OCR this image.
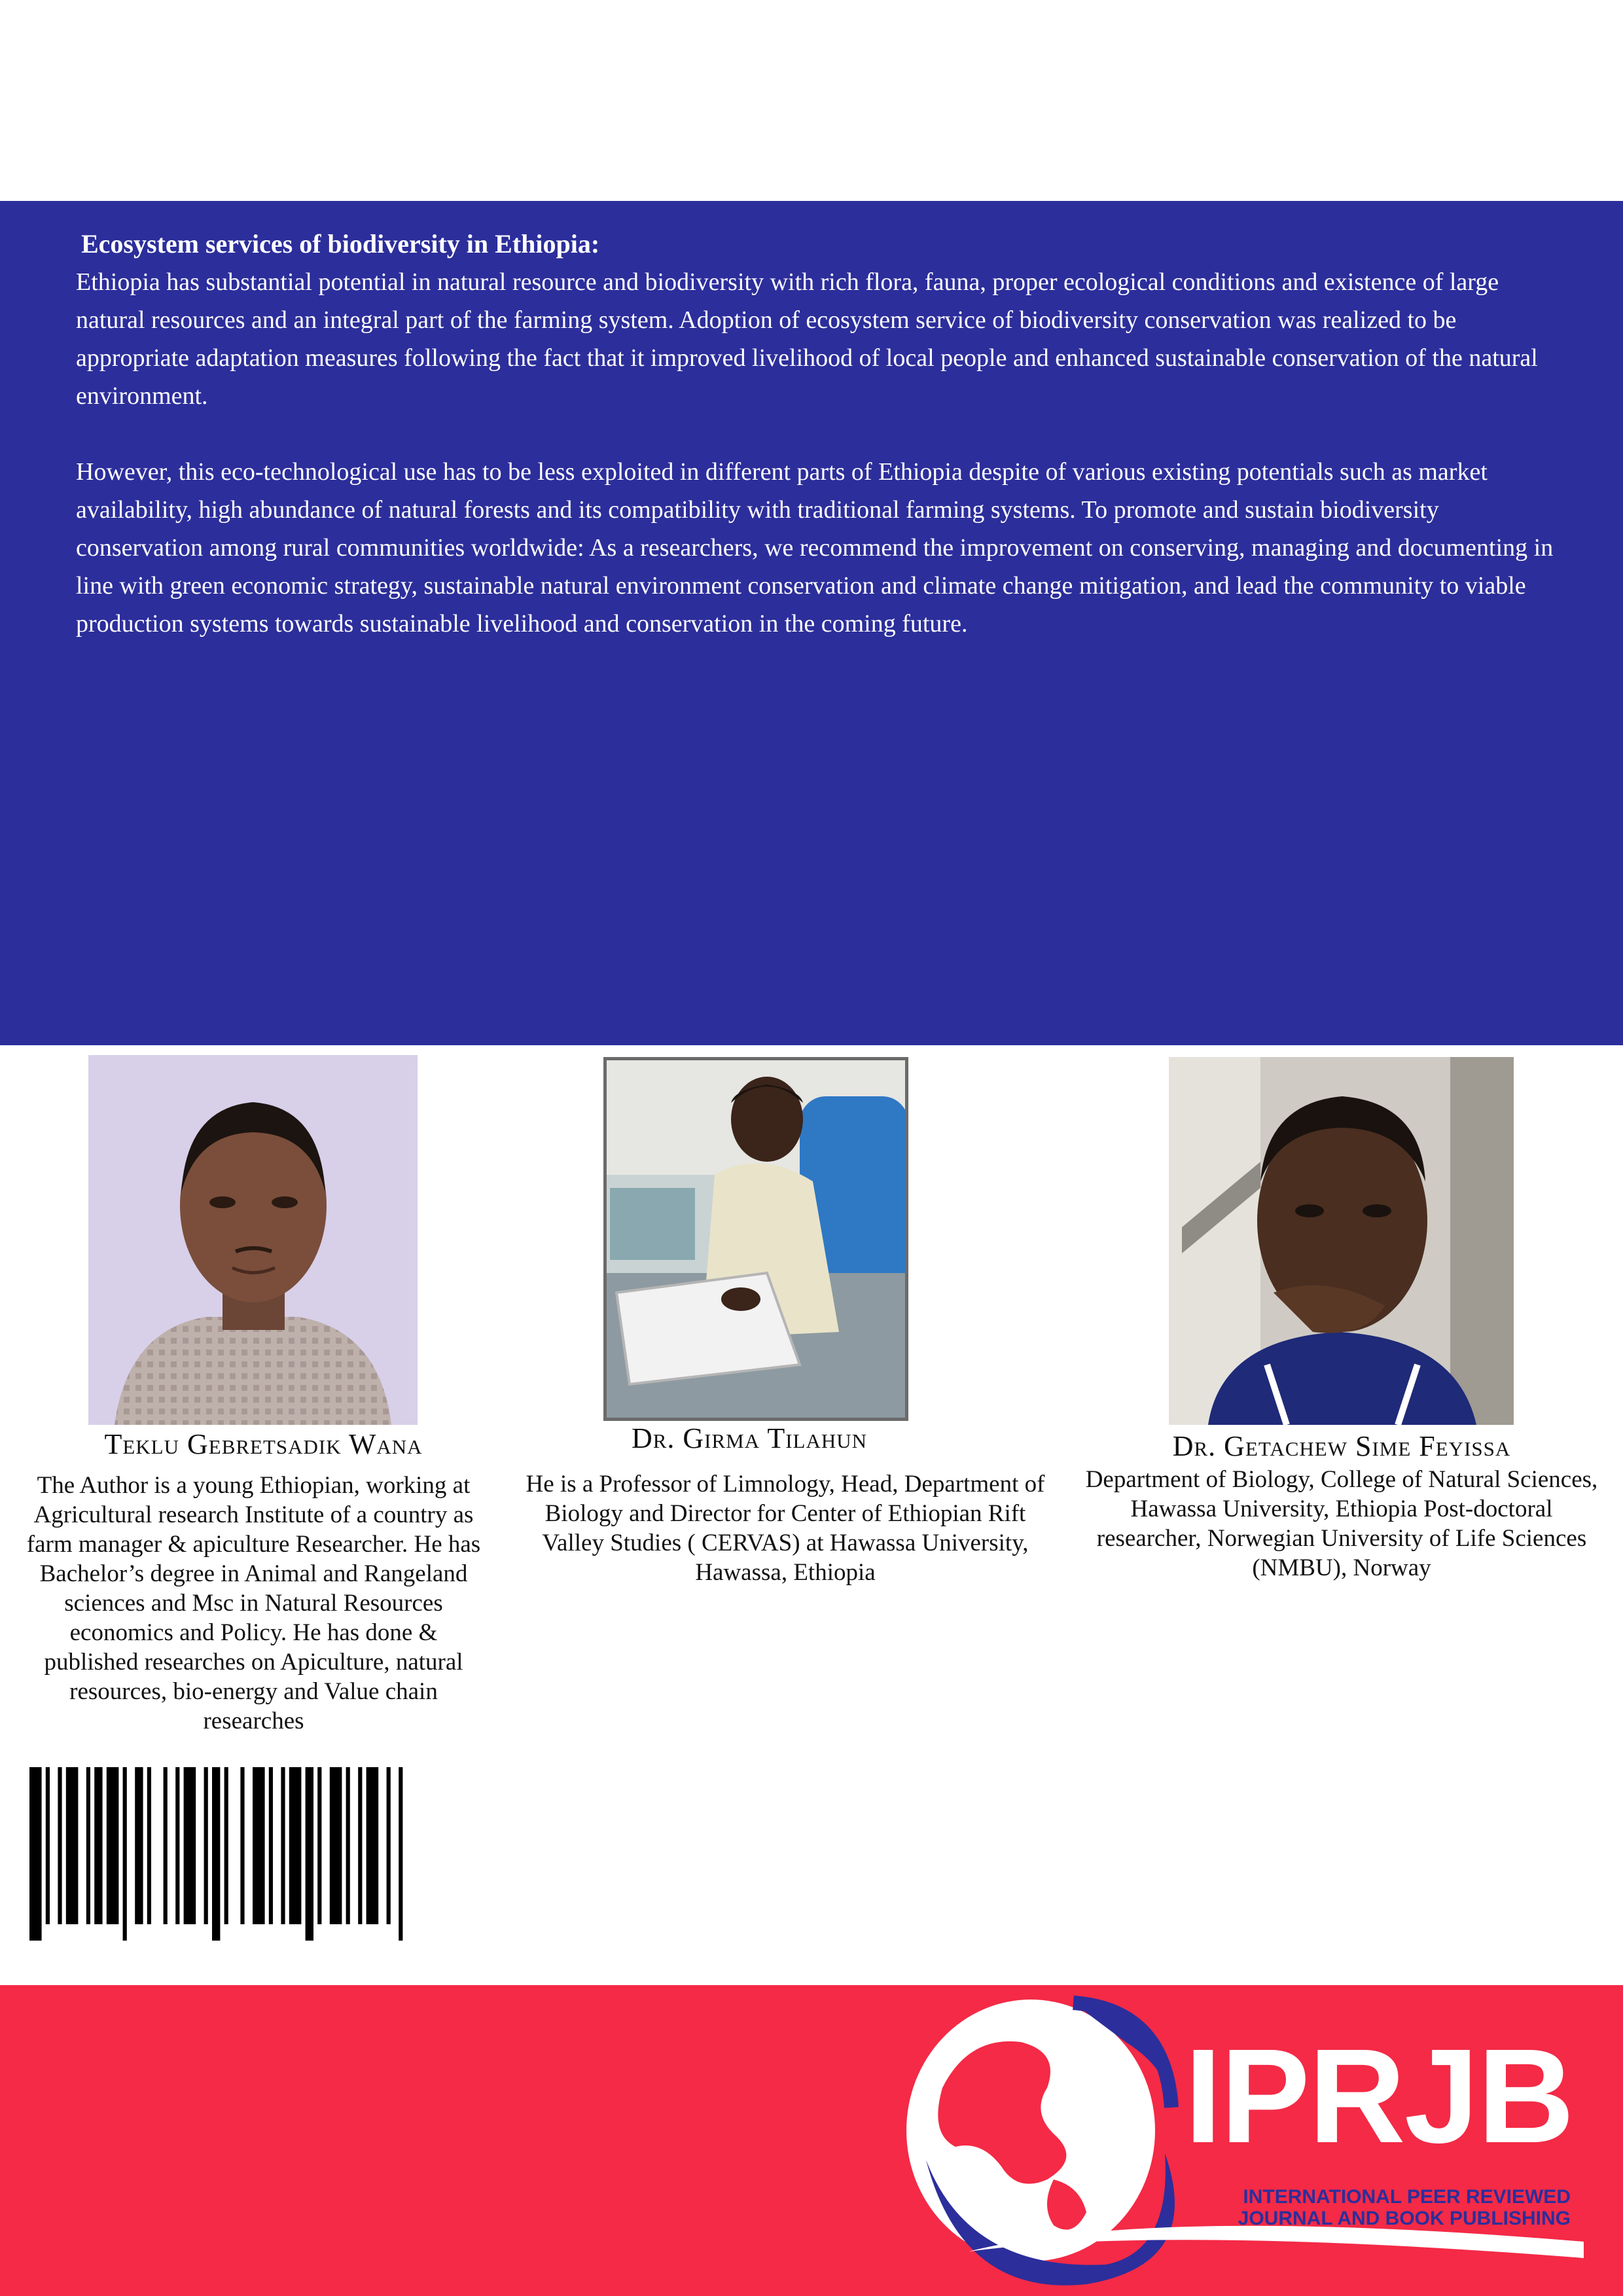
Ecosystem services of biodiversity in Ethiopia:

Ethiopia has substantial potential in natural resource and biodiversity with rich flora, fauna, proper ecological conditions and existence of large natural resources and an integral part of the farming system. Adoption of ecosystem service of biodiversity conservation was realized to be appropriate adaptation measures following the fact that it improved livelihood of local people and enhanced sustainable conservation of the natural environment.

However, this eco-technological use has to be less exploited in different parts of Ethiopia despite of various existing potentials such as market availability, high abundance of natural forests and its compatibility with traditional farming systems. To promote and sustain biodiversity conservation among rural communities worldwide: As a researchers, we recommend the improvement on conserving, managing and documenting in line with green economic strategy, sustainable natural environment conservation and climate change mitigation, and lead the community to viable production systems towards sustainable livelihood and conservation in the coming future.

Teklu Gebretsadik Wana
The Author is a young Ethiopian, working at Agricultural research Institute of a country as farm manager & apiculture Researcher. He has Bachelor’s degree in Animal and Rangeland sciences and Msc in Natural Resources economics and Policy. He has done & published researches on Apiculture, natural resources, bio-energy and Value chain researches
Dr. Girma Tilahun
He is a Professor of Limnology, Head, Department of Biology and Director for Center of Ethiopian Rift Valley Studies ( CERVAS) at Hawassa University, Hawassa, Ethiopia
Dr. Getachew Sime Feyissa
Department of Biology, College of Natural Sciences, Hawassa University, Ethiopia Post-doctoral researcher, Norwegian University of Life Sciences (NMBU), Norway
IPRJB
INTERNATIONAL PEER REVIEWED
JOURNAL AND BOOK PUBLISHING
